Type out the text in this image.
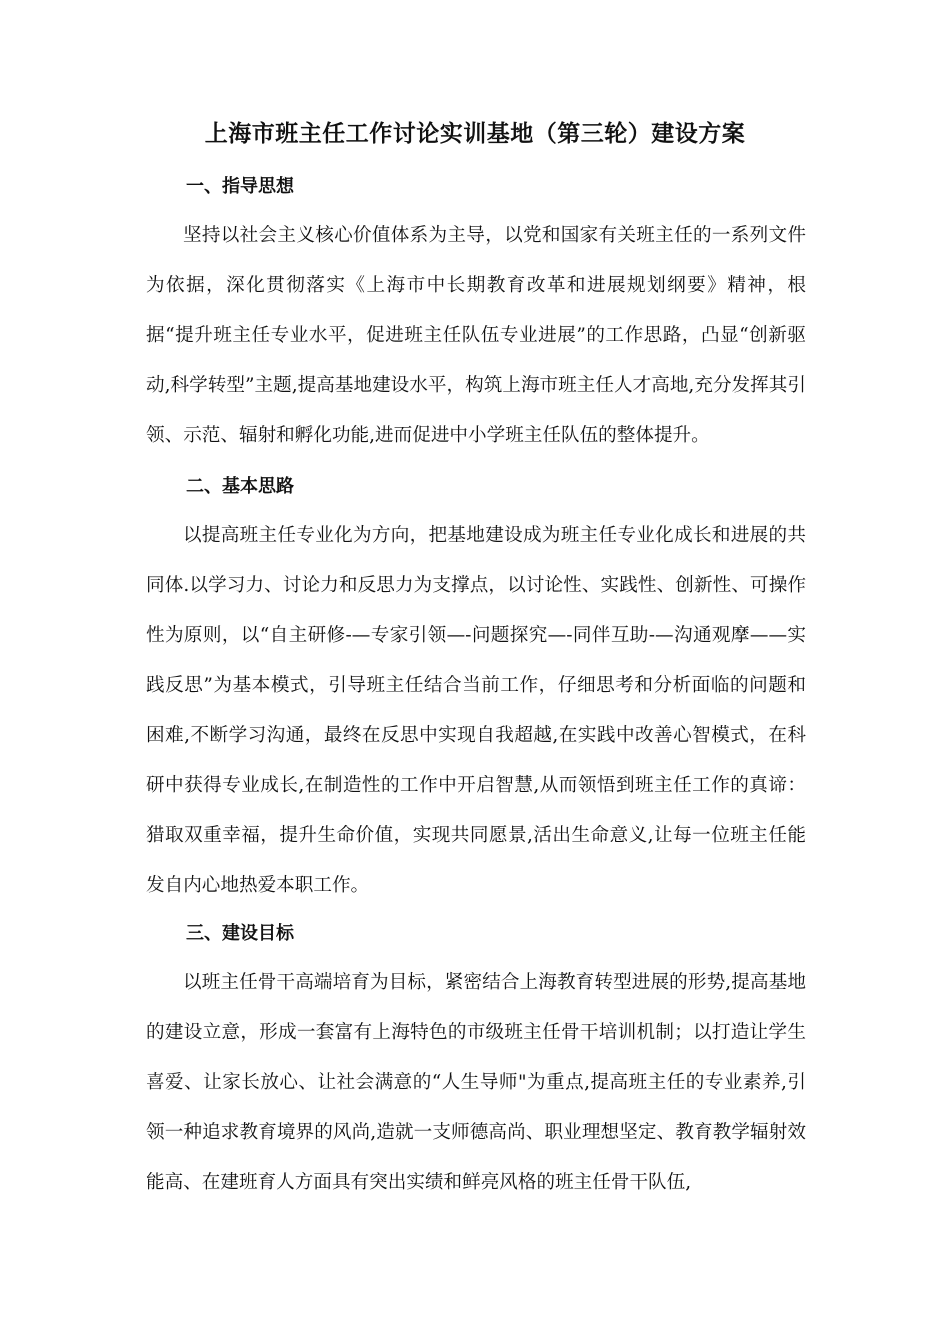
上海市班主任工作讨论实训基地（第三轮）建设方案
一、指导思想

坚持以社会主义核心价值体系为主导，以党和国家有关班主任的一系列文件为依据，深化贯彻落实《上海市中长期教育改革和进展规划纲要》精神，根据“提升班主任专业水平，促进班主任队伍专业进展”的工作思路，凸显“创新驱动,科学转型”主题,提高基地建设水平，构筑上海市班主任人才高地,充分发挥其引领、示范、辐射和孵化功能,进而促进中小学班主任队伍的整体提升。

二、基本思路

以提高班主任专业化为方向，把基地建设成为班主任专业化成长和进展的共同体.以学习力、讨论力和反思力为支撑点，以讨论性、实践性、创新性、可操作性为原则，以“自主研修-—专家引领—-问题探究—-同伴互助-—沟通观摩——实践反思”为基本模式，引导班主任结合当前工作，仔细思考和分析面临的问题和困难,不断学习沟通，最终在反思中实现自我超越,在实践中改善心智模式，在科研中获得专业成长,在制造性的工作中开启智慧,从而领悟到班主任工作的真谛：猎取双重幸福，提升生命价值，实现共同愿景,活出生命意义,让每一位班主任能发自内心地热爱本职工作。

三、建设目标

以班主任骨干高端培育为目标，紧密结合上海教育转型进展的形势,提高基地的建设立意，形成一套富有上海特色的市级班主任骨干培训机制；以打造让学生喜爱、让家长放心、让社会满意的“人生导师"为重点,提高班主任的专业素养,引领一种追求教育境界的风尚,造就一支师德高尚、职业理想坚定、教育教学辐射效能高、在建班育人方面具有突出实绩和鲜亮风格的班主任骨干队伍,
